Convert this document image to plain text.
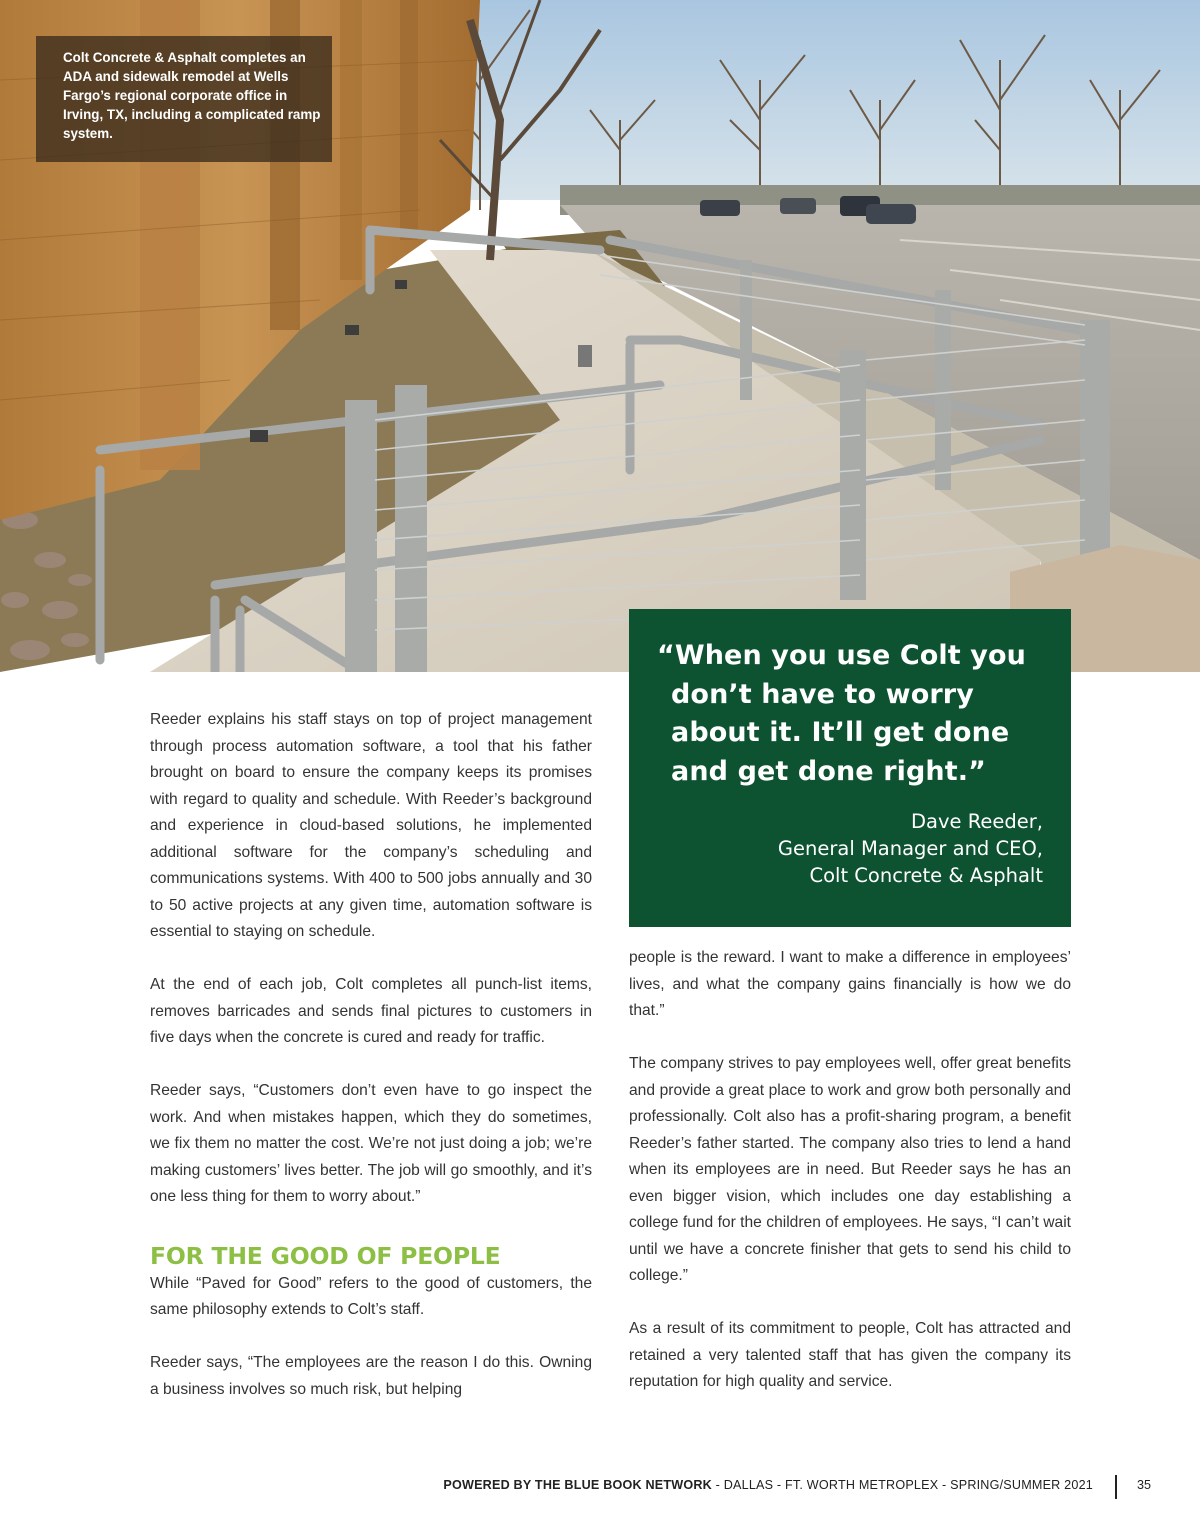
Colt Concrete & Asphalt completes an ADA and sidewalk remodel at Wells Fargo’s regional corporate office in Irving, TX, including a complicated ramp system.

“When you use Colt you don’t have to worry about it. It’ll get done and get done right.”

Dave Reeder,
General Manager and CEO,
Colt Concrete & Asphalt

Reeder explains his staff stays on top of project management through process automation software, a tool that his father brought on board to ensure the company keeps its promises with regard to quality and schedule. With Reeder’s background and experience in cloud-based solutions, he implemented additional software for the company’s scheduling and communications systems. With 400 to 500 jobs annually and 30 to 50 active projects at any given time, automation software is essential to staying on schedule.

At the end of each job, Colt completes all punch-list items, removes barricades and sends final pictures to customers in five days when the concrete is cured and ready for traffic.

Reeder says, “Customers don’t even have to go inspect the work. And when mistakes happen, which they do sometimes, we fix them no matter the cost. We’re not just doing a job; we’re making customers’ lives better. The job will go smoothly, and it’s one less thing for them to worry about.”

FOR THE GOOD OF PEOPLE

While “Paved for Good” refers to the good of customers, the same philosophy extends to Colt’s staff.

Reeder says, “The employees are the reason I do this. Owning a business involves so much risk, but helping

people is the reward. I want to make a difference in employees’ lives, and what the company gains financially is how we do that.”

The company strives to pay employees well, offer great benefits and provide a great place to work and grow both personally and professionally. Colt also has a profit-sharing program, a benefit Reeder’s father started. The company also tries to lend a hand when its employees are in need. But Reeder says he has an even bigger vision, which includes one day establishing a college fund for the children of employees. He says, “I can’t wait until we have a concrete finisher that gets to send his child to college.”

As a result of its commitment to people, Colt has attracted and retained a very talented staff that has given the company its reputation for high quality and service.

POWERED BY THE BLUE BOOK NETWORK - DALLAS - FT. WORTH METROPLEX - SPRING/SUMMER 2021	35
